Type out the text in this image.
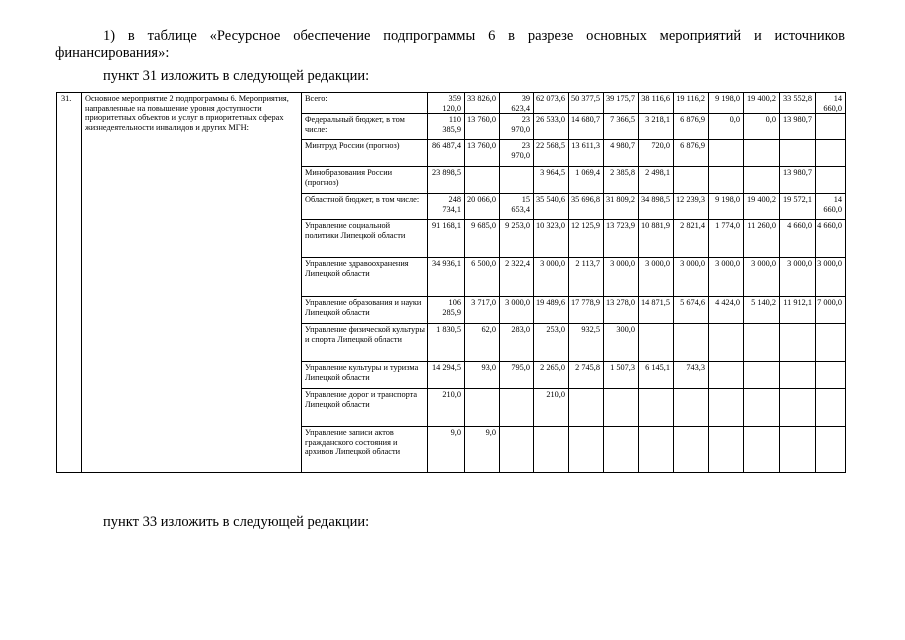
1) в таблице «Ресурсное обеспечение подпрограммы 6 в разрезе основных мероприятий и источников финансирования»:
пункт 31 изложить в следующей редакции:
31.	Основное мероприятие 2 подпрограммы 6. Мероприятия, направленные на повышение уровня доступности приоритетных объектов и услуг в приоритетных сферах жизнедеятельности инвалидов и других МГН:	Всего:	359 120,0	33 826,0	39 623,4	62 073,6	50 377,5	39 175,7	38 116,6	19 116,2	9 198,0	19 400,2	33 552,8	14 660,0
		Федеральный бюджет, в том числе:	110 385,9	13 760,0	23 970,0	26 533,0	14 680,7	7 366,5	3 218,1	6 876,9	0,0	0,0	13 980,7	
		Минтруд России (прогноз)	86 487,4	13 760,0	23 970,0	22 568,5	13 611,3	4 980,7	720,0	6 876,9				
		Минобразования России (прогноз)	23 898,5			3 964,5	1 069,4	2 385,8	2 498,1				13 980,7	
		Областной бюджет, в том числе:	248 734,1	20 066,0	15 653,4	35 540,6	35 696,8	31 809,2	34 898,5	12 239,3	9 198,0	19 400,2	19 572,1	14 660,0
		Управление социальной политики Липецкой области	91 168,1	9 685,0	9 253,0	10 323,0	12 125,9	13 723,9	10 881,9	2 821,4	1 774,0	11 260,0	4 660,0	4 660,0
		Управление здравоохранения Липецкой области	34 936,1	6 500,0	2 322,4	3 000,0	2 113,7	3 000,0	3 000,0	3 000,0	3 000,0	3 000,0	3 000,0	3 000,0
		Управление образования и науки Липецкой области	106 285,9	3 717,0	3 000,0	19 489,6	17 778,9	13 278,0	14 871,5	5 674,6	4 424,0	5 140,2	11 912,1	7 000,0
		Управление физической культуры и спорта Липецкой области	1 830,5	62,0	283,0	253,0	932,5	300,0						
		Управление культуры и туризма Липецкой области	14 294,5	93,0	795,0	2 265,0	2 745,8	1 507,3	6 145,1	743,3				
		Управление дорог и транспорта Липецкой области	210,0			210,0								
		Управление записи актов гражданского состояния и архивов Липецкой области	9,0	9,0										
пункт 33 изложить в следующей редакции:
